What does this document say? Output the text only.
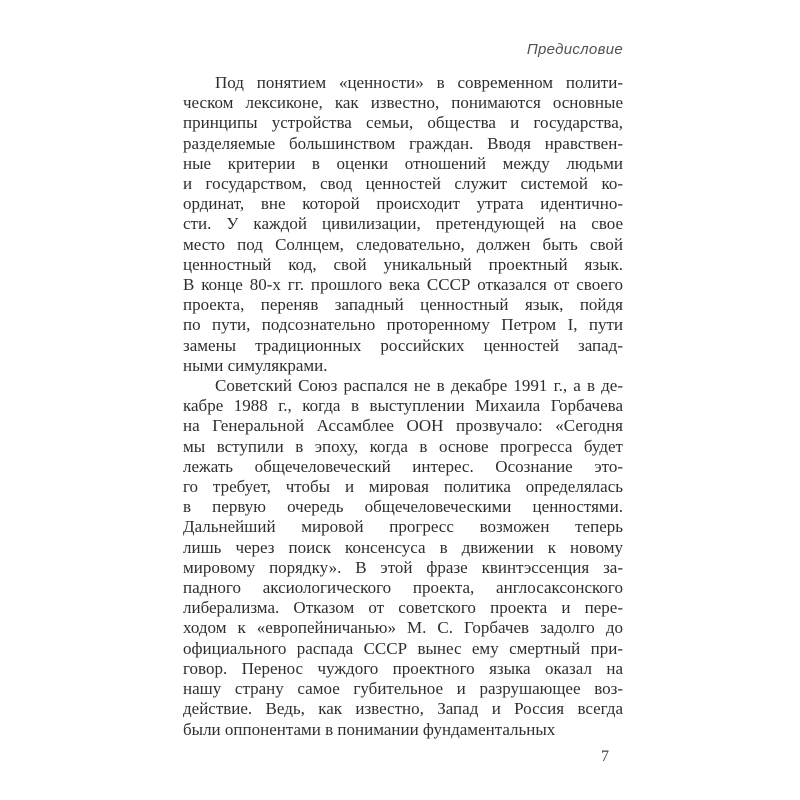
Предисловие
Под понятием «ценности» в современном полити-
ческом лексиконе, как известно, понимаются основные
принципы устройства семьи, общества и государства,
разделяемые большинством граждан. Вводя нравствен-
ные критерии в оценки отношений между людьми
и государством, свод ценностей служит системой ко-
ординат, вне которой происходит утрата идентично-
сти. У каждой цивилизации, претендующей на свое
место под Солнцем, следовательно, должен быть свой
ценностный код, свой уникальный проектный язык.
В конце 80-х гг. прошлого века СССР отказался от своего
проекта, переняв западный ценностный язык, пойдя
по пути, подсознательно проторенному Петром I, пути
замены традиционных российских ценностей запад-
ными симулякрами.
Советский Союз распался не в декабре 1991 г., а в де-
кабре 1988 г., когда в выступлении Михаила Горбачева
на Генеральной Ассамблее ООН прозвучало: «Сегодня
мы вступили в эпоху, когда в основе прогресса будет
лежать общечеловеческий интерес. Осознание это-
го требует, чтобы и мировая политика определялась
в первую очередь общечеловеческими ценностями.
Дальнейший мировой прогресс возможен теперь
лишь через поиск консенсуса в движении к новому
мировому порядку». В этой фразе квинтэссенция за-
падного аксиологического проекта, англосаксонского
либерализма. Отказом от советского проекта и пере-
ходом к «европейничанью» М. С. Горбачев задолго до
официального распада СССР вынес ему смертный при-
говор. Перенос чуждого проектного языка оказал на
нашу страну самое губительное и разрушающее воз-
действие. Ведь, как известно, Запад и Россия всегда
были оппонентами в понимании фундаментальных
7
